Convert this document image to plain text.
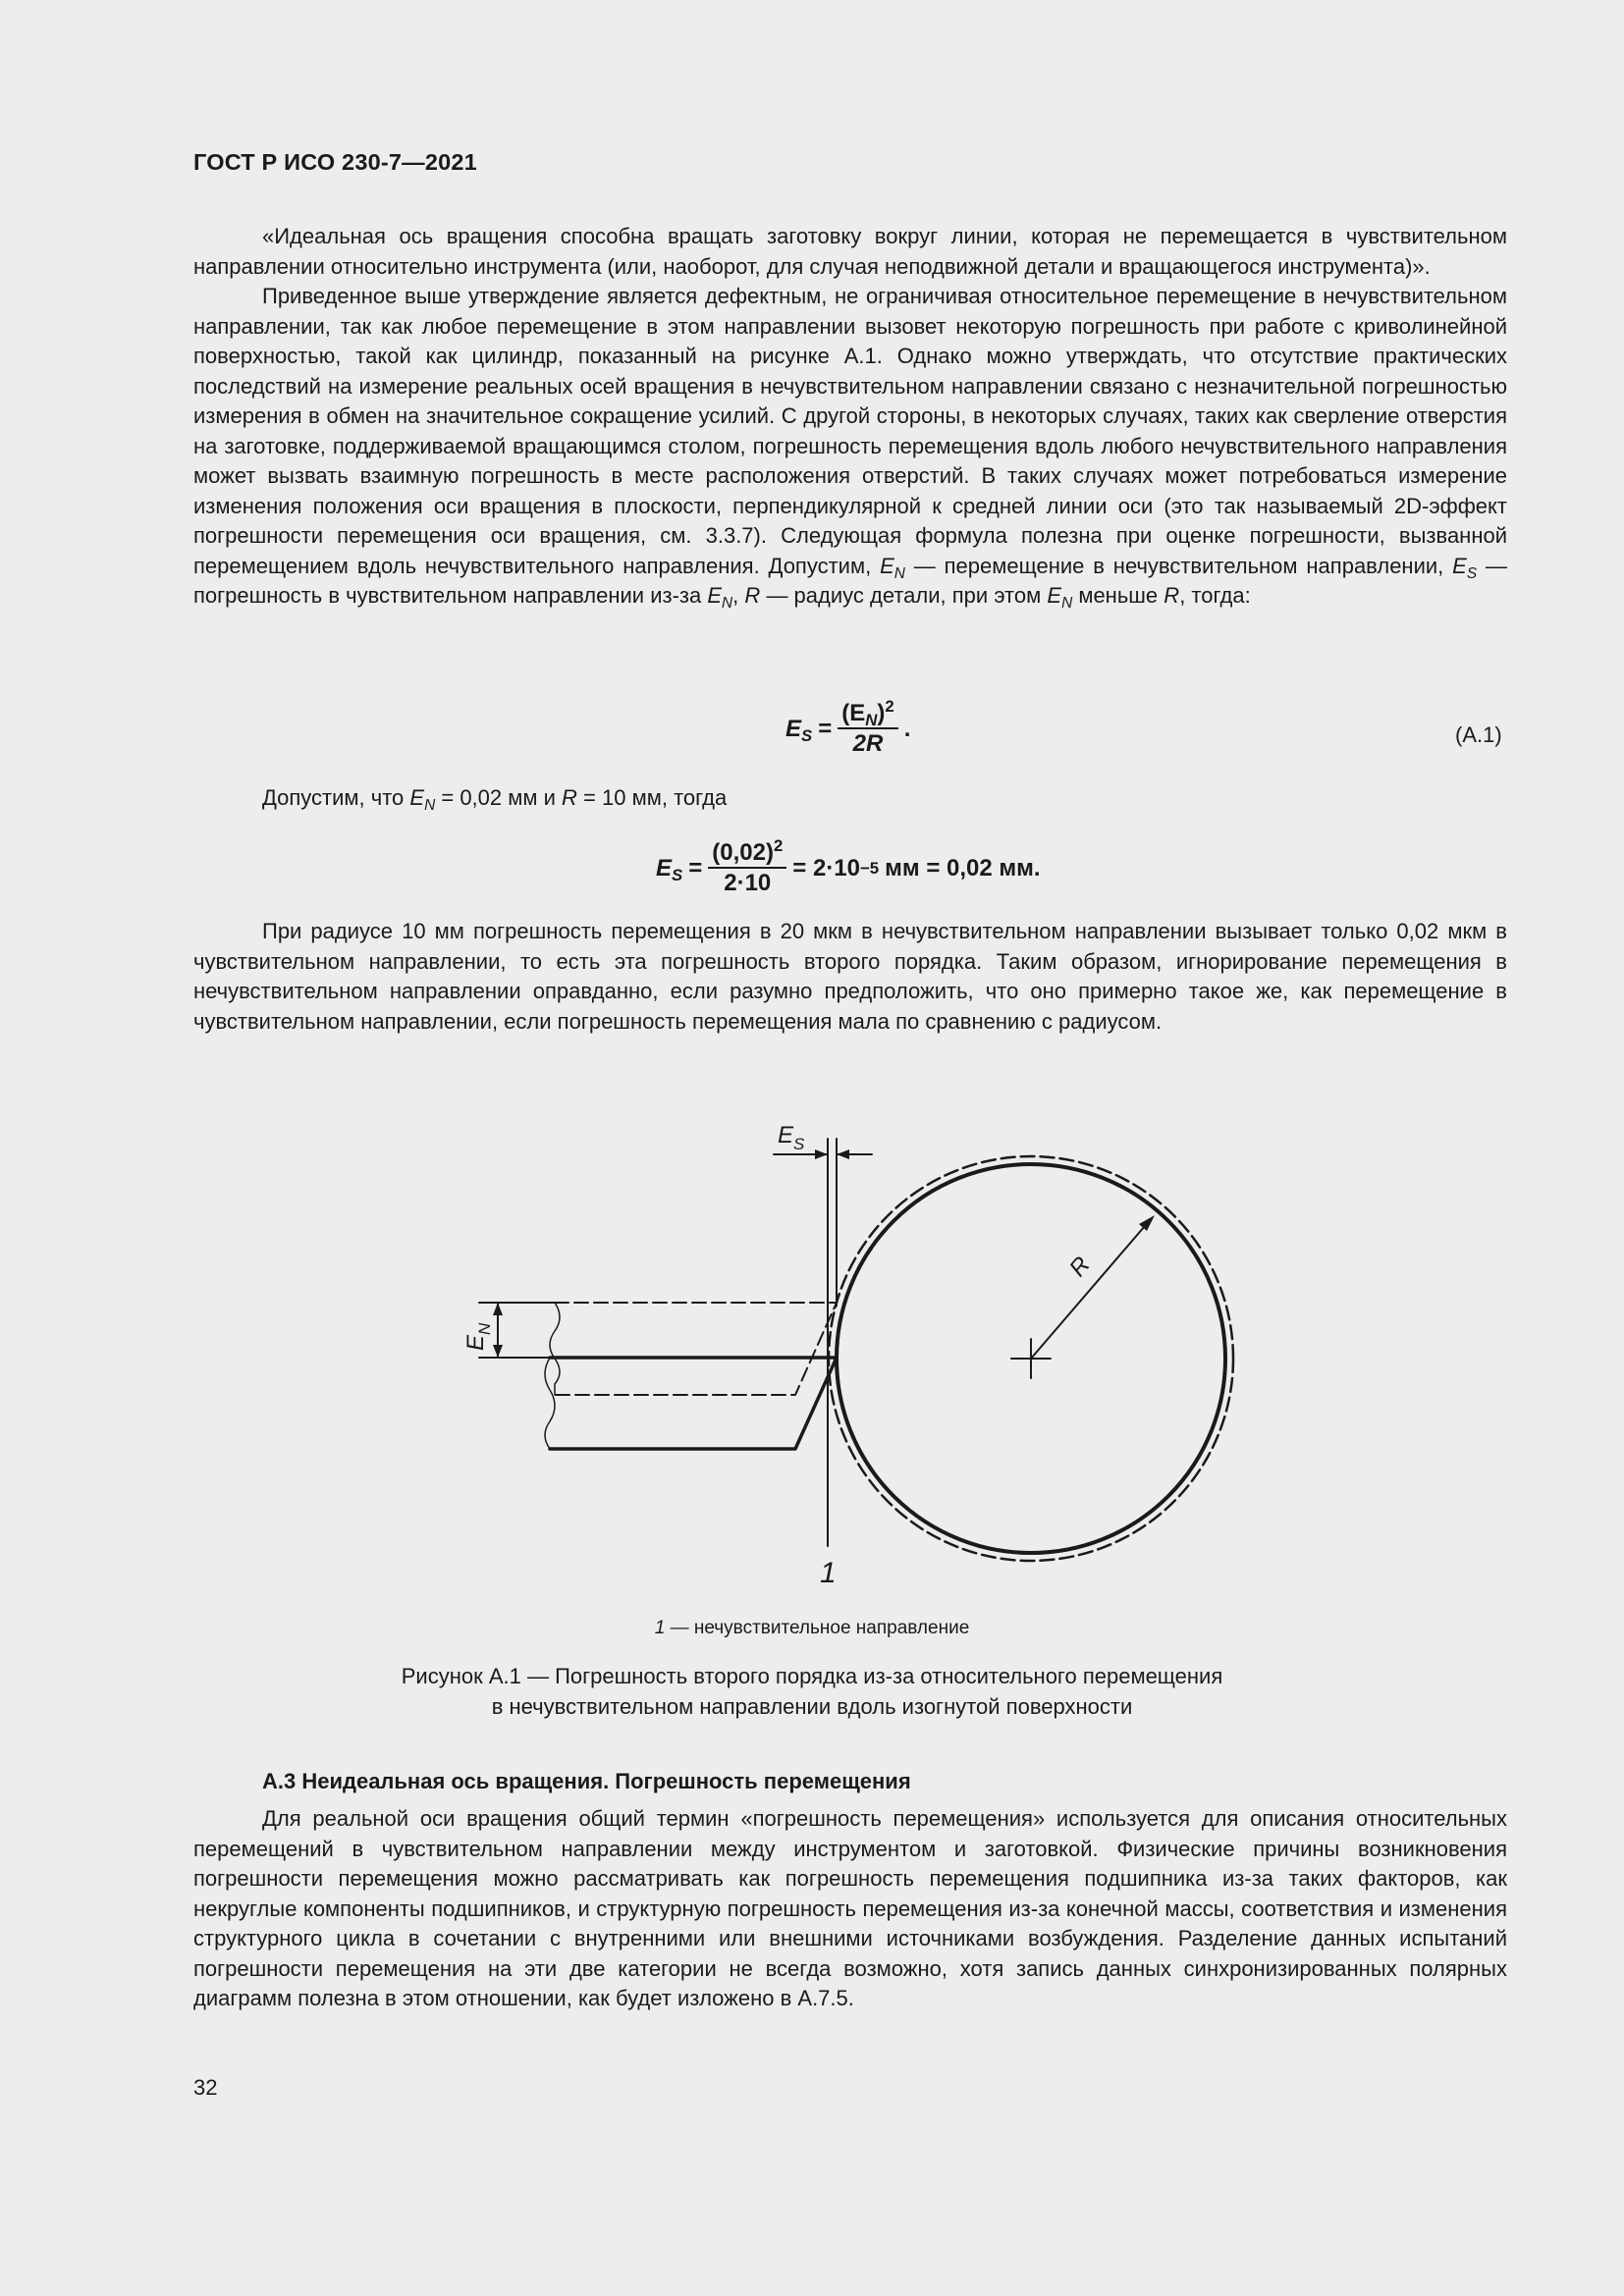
ГОСТ Р ИСО 230-7—2021

«Идеальная ось вращения способна вращать заготовку вокруг линии, которая не перемещается в чувствительном направлении относительно инструмента (или, наоборот, для случая неподвижной детали и вращающегося инструмента)».

Приведенное выше утверждение является дефектным, не ограничивая относительное перемещение в нечувствительном направлении, так как любое перемещение в этом направлении вызовет некоторую погрешность при работе с криволинейной поверхностью, такой как цилиндр, показанный на рисунке А.1. Однако можно утверждать, что отсутствие практических последствий на измерение реальных осей вращения в нечувствительном направлении связано с незначительной погрешностью измерения в обмен на значительное сокращение усилий. С другой стороны, в некоторых случаях, таких как сверление отверстия на заготовке, поддерживаемой вращающимся столом, погрешность перемещения вдоль любого нечувствительного направления может вызвать взаимную погрешность в месте расположения отверстий. В таких случаях может потребоваться измерение изменения положения оси вращения в плоскости, перпендикулярной к средней линии оси (это так называемый 2D-эффект погрешности перемещения оси вращения, см. 3.3.7). Следующая формула полезна при оценке погрешности, вызванной перемещением вдоль нечувствительного направления. Допустим, $E_N$ — перемещение в нечувствительном направлении, $E_S$ — погрешность в чувствительном направлении из-за $E_N$, R — радиус детали, при этом $E_N$ меньше R, тогда:

$E_S = \frac{(E_N)^2}{2R}$ .	(А.1)

Допустим, что $E_N = 0,02$ мм и R = 10 мм, тогда

$E_S = \frac{(0,02)^2}{2\cdot 10} = 2\cdot 10 -5$ мм = 0,02 мм.

При радиусе 10 мм погрешность перемещения в 20 мкм в нечувствительном направлении вызывает только 0,02 мкм в чувствительном направлении, то есть эта погрешность второго порядка. Таким образом, игнорирование перемещения в нечувствительном направлении оправданно, если разумно предположить, что оно примерно такое же, как перемещение в чувствительном направлении, если погрешность перемещения мала по сравнению с радиусом.

$E_S$
R
1
$E_N$
1 — нечувствительное направление
Рисунок А.1 — Погрешность второго порядка из-за относительного перемещения
в нечувствительном направлении вдоль изогнутой поверхности
А.3 Неидеальная ось вращения. Погрешность перемещения

Для реальной оси вращения общий термин «погрешность перемещения» используется для описания относительных перемещений в чувствительном направлении между инструментом и заготовкой. Физические причины возникновения погрешности перемещения можно рассматривать как погрешность перемещения подшипника из-за таких факторов, как некруглые компоненты подшипников, и структурную погрешность перемещения из-за конечной массы, соответствия и изменения структурного цикла в сочетании с внутренними или внешними источниками возбуждения. Разделение данных испытаний погрешности перемещения на эти две категории не всегда возможно, хотя запись данных синхронизированных полярных диаграмм полезна в этом отношении, как будет изложено в А.7.5.

32
